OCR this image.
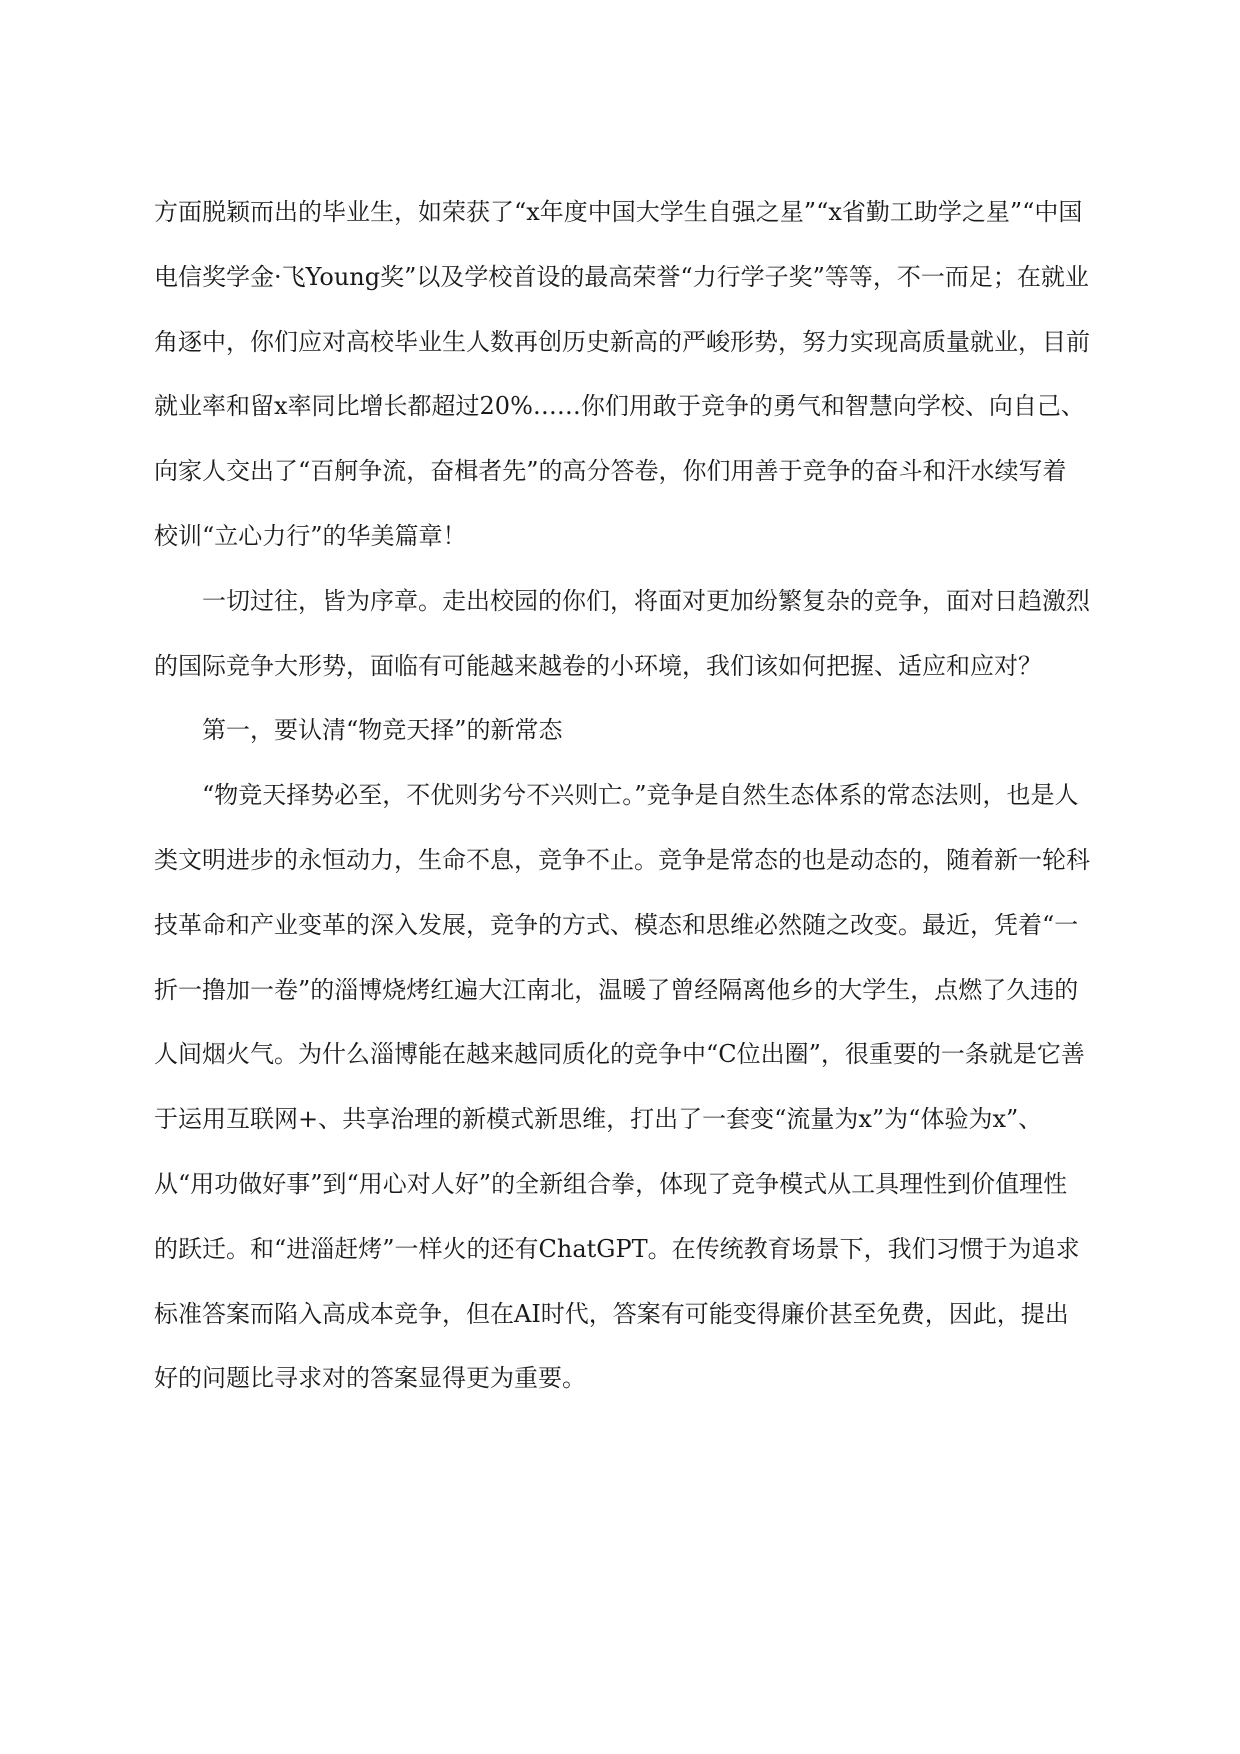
方面脱颖而出的毕业生，如荣获了“x年度中国大学生自强之星”“x省勤工助学之星”“中国电信奖学金·飞Young奖”以及学校首设的最高荣誉“力行学子奖”等等，不一而足；在就业角逐中，你们应对高校毕业生人数再创历史新高的严峻形势，努力实现高质量就业，目前就业率和留x率同比增长都超过20%……你们用敢于竞争的勇气和智慧向学校、向自己、向家人交出了“百舸争流，奋楫者先”的高分答卷，你们用善于竞争的奋斗和汗水续写着校训“立心力行”的华美篇章！

一切过往，皆为序章。走出校园的你们，将面对更加纷繁复杂的竞争，面对日趋激烈的国际竞争大形势，面临有可能越来越卷的小环境，我们该如何把握、适应和应对？

第一，要认清“物竞天择”的新常态

“物竞天择势必至，不优则劣兮不兴则亡。”竞争是自然生态体系的常态法则，也是人类文明进步的永恒动力，生命不息，竞争不止。竞争是常态的也是动态的，随着新一轮科技革命和产业变革的深入发展，竞争的方式、模态和思维必然随之改变。最近，凭着“一折一撸加一卷”的淄博烧烤红遍大江南北，温暖了曾经隔离他乡的大学生，点燃了久违的人间烟火气。为什么淄博能在越来越同质化的竞争中“C位出圈”，很重要的一条就是它善于运用互联网+、共享治理的新模式新思维，打出了一套变“流量为x”为“体验为x”、从“用功做好事”到“用心对人好”的全新组合拳，体现了竞争模式从工具理性到价值理性的跃迁。和“进淄赶烤”一样火的还有ChatGPT。在传统教育场景下，我们习惯于为追求标准答案而陷入高成本竞争，但在AI时代，答案有可能变得廉价甚至免费，因此，提出好的问题比寻求对的答案显得更为重要。
